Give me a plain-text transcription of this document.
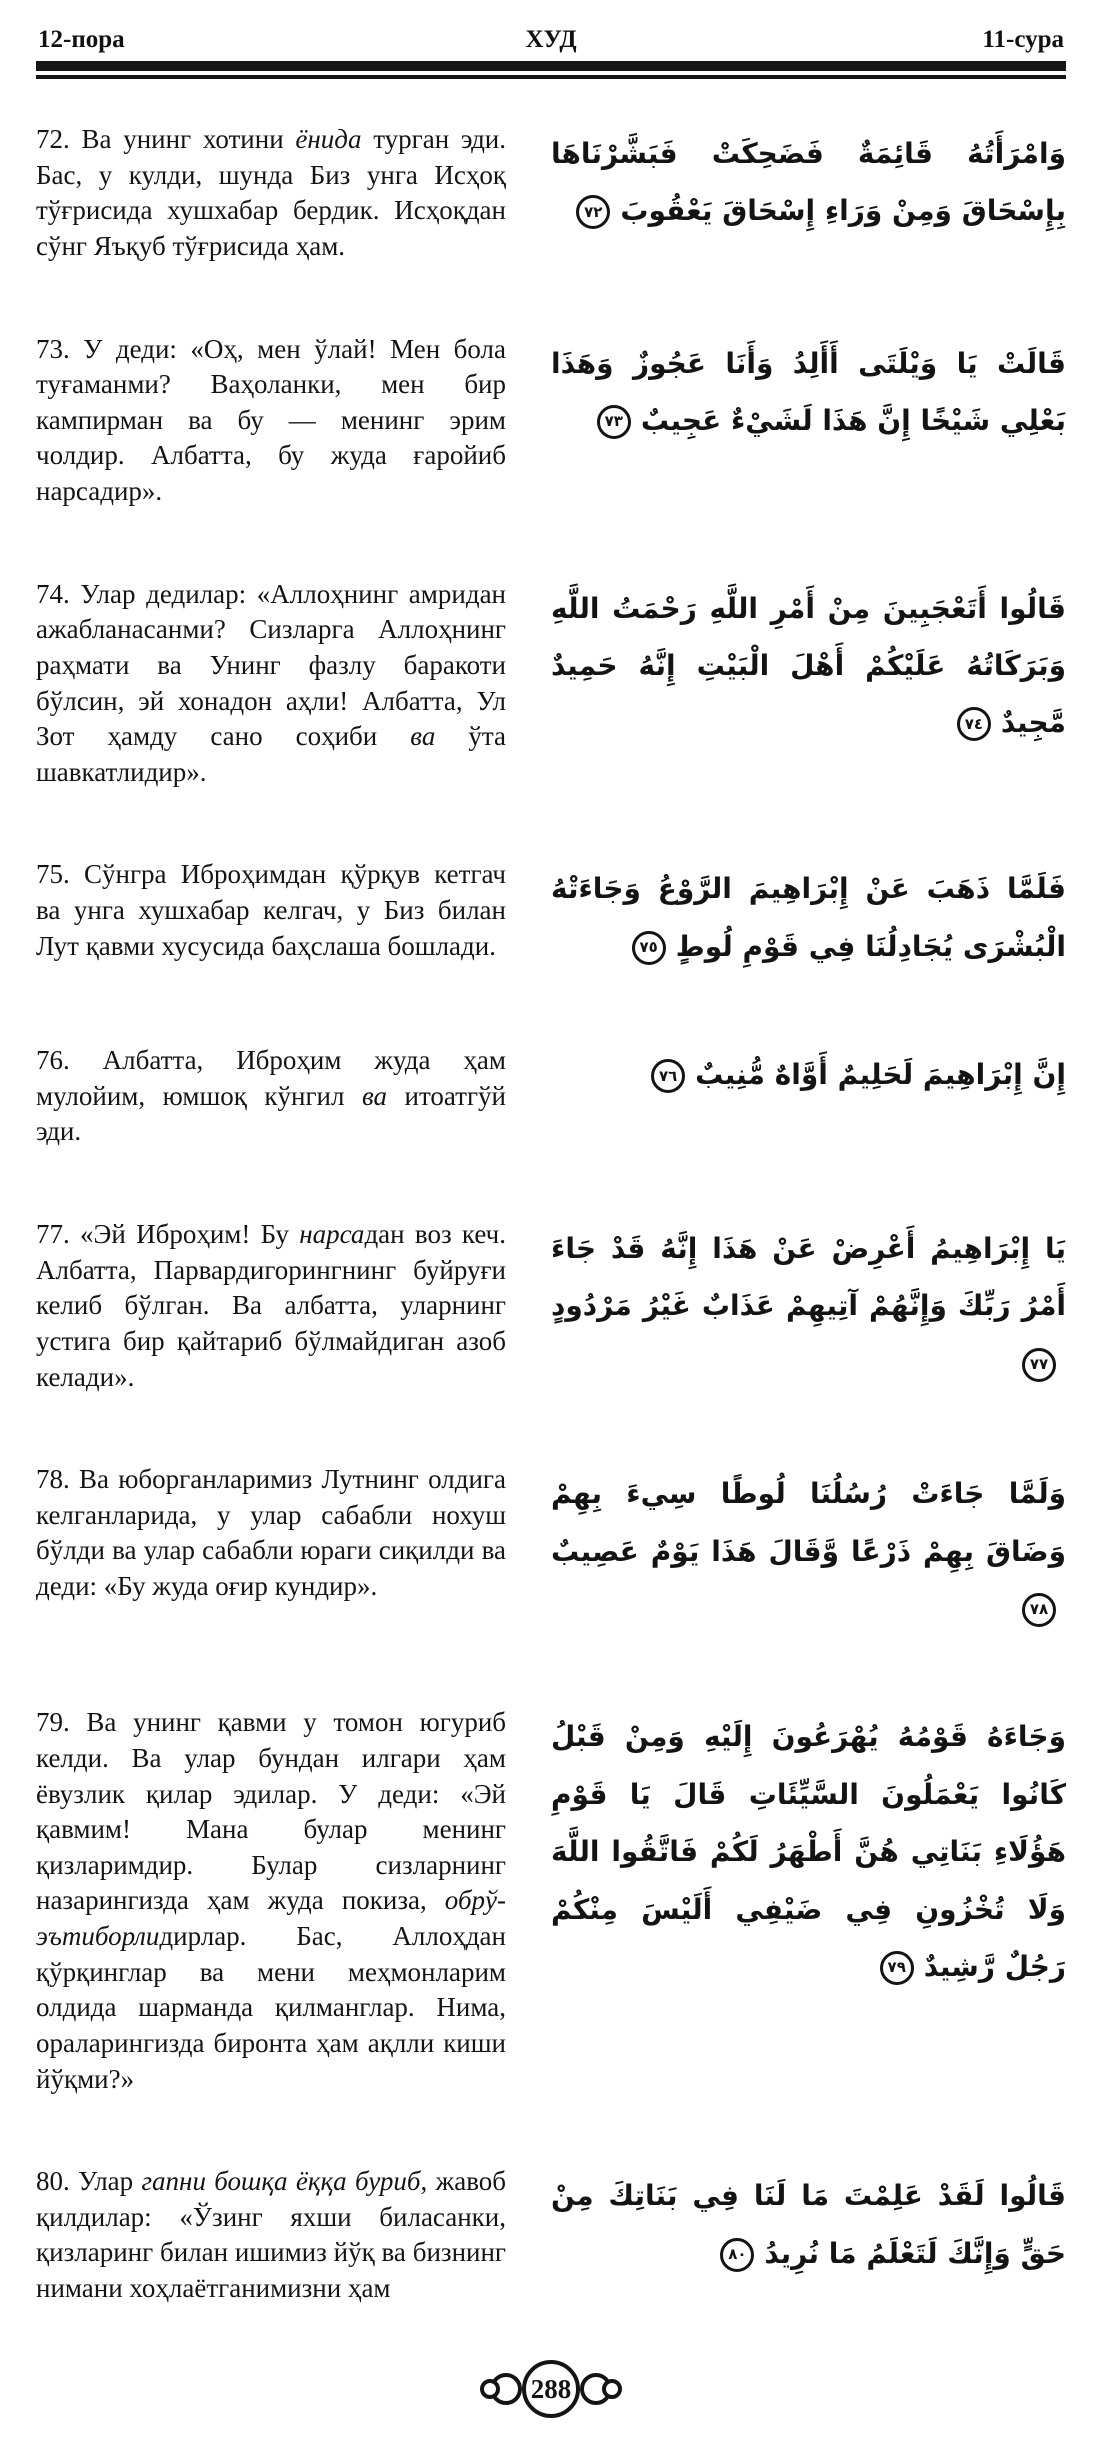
12-пора	ХУД	11-сура

72. Ва унинг хотини ёнида турган эди. Бас, у кулди, шунда Биз унга Исҳоқ тўғрисида хушхабар бердик. Исҳоқдан сўнг Яъқуб тўғрисида ҳам.

وَامْرَأَتُهُ قَائِمَةٌ فَضَحِكَتْ فَبَشَّرْنَاهَا بِإِسْحَاقَ وَمِنْ وَرَاءِ إِسْحَاقَ يَعْقُوبَ٧٢

73. У деди: «Оҳ, мен ўлай! Мен бола туғаманми? Ваҳоланки, мен бир кампирман ва бу — менинг эрим чолдир. Албатта, бу жуда ғаройиб нарсадир».

قَالَتْ يَا وَيْلَتَى أَأَلِدُ وَأَنَا عَجُوزٌ وَهَذَا بَعْلِي شَيْخًا إِنَّ هَذَا لَشَيْءٌ عَجِيبٌ٧٣

74. Улар дедилар: «Аллоҳнинг амридан ажабланасанми? Сизларга Аллоҳнинг раҳмати ва Унинг фазлу баракоти бўлсин, эй хонадон аҳли! Албатта, Ул Зот ҳамду сано соҳиби ва ўта шавкатлидир».

قَالُوا أَتَعْجَبِينَ مِنْ أَمْرِ اللَّهِ رَحْمَتُ اللَّهِ وَبَرَكَاتُهُ عَلَيْكُمْ أَهْلَ الْبَيْتِ إِنَّهُ حَمِيدٌ مَّجِيدٌ٧٤

75. Сўнгра Иброҳимдан қўрқув кетгач ва унга хушхабар келгач, у Биз билан Лут қавми хусусида баҳслаша бошлади.

فَلَمَّا ذَهَبَ عَنْ إِبْرَاهِيمَ الرَّوْعُ وَجَاءَتْهُ الْبُشْرَى يُجَادِلُنَا فِي قَوْمِ لُوطٍ٧٥

76. Албатта, Иброҳим жуда ҳам мулойим, юмшоқ кўнгил ва итоатгўй эди.

إِنَّ إِبْرَاهِيمَ لَحَلِيمٌ أَوَّاهٌ مُّنِيبٌ٧٦

77. «Эй Иброҳим! Бу нарсадан воз кеч. Албатта, Парвардигорингнинг буйруғи келиб бўлган. Ва албатта, уларнинг устига бир қайтариб бўлмайдиган азоб келади».

يَا إِبْرَاهِيمُ أَعْرِضْ عَنْ هَذَا إِنَّهُ قَدْ جَاءَ أَمْرُ رَبِّكَ وَإِنَّهُمْ آتِيهِمْ عَذَابٌ غَيْرُ مَرْدُودٍ٧٧

78. Ва юборганларимиз Лутнинг олдига келганларида, у улар сабабли нохуш бўлди ва улар сабабли юраги сиқилди ва деди: «Бу жуда оғир кундир».

وَلَمَّا جَاءَتْ رُسُلُنَا لُوطًا سِيءَ بِهِمْ وَضَاقَ بِهِمْ ذَرْعًا وَّقَالَ هَذَا يَوْمٌ عَصِيبٌ٧٨

79. Ва унинг қавми у томон югуриб келди. Ва улар бундан илгари ҳам ёвузлик қилар эдилар. У деди: «Эй қавмим! Мана булар менинг қизларимдир. Булар сизларнинг назарингизда ҳам жуда покиза, обрў-эътиборлидирлар. Бас, Аллоҳдан қўрқинглар ва мени меҳмонларим олдида шарманда қилманглар. Нима, ораларингизда биронта ҳам ақлли киши йўқми?»

وَجَاءَهُ قَوْمُهُ يُهْرَعُونَ إِلَيْهِ وَمِنْ قَبْلُ كَانُوا يَعْمَلُونَ السَّيِّئَاتِ قَالَ يَا قَوْمِ هَؤُلَاءِ بَنَاتِي هُنَّ أَطْهَرُ لَكُمْ فَاتَّقُوا اللَّهَ وَلَا تُخْزُونِ فِي ضَيْفِي أَلَيْسَ مِنْكُمْ رَجُلٌ رَّشِيدٌ٧٩

80. Улар гапни бошқа ёққа буриб, жавоб қилдилар: «Ўзинг яхши биласанки, қизларинг билан ишимиз йўқ ва бизнинг нимани хоҳлаётганимизни ҳам

قَالُوا لَقَدْ عَلِمْتَ مَا لَنَا فِي بَنَاتِكَ مِنْ حَقٍّ وَإِنَّكَ لَتَعْلَمُ مَا نُرِيدُ٨٠

288
